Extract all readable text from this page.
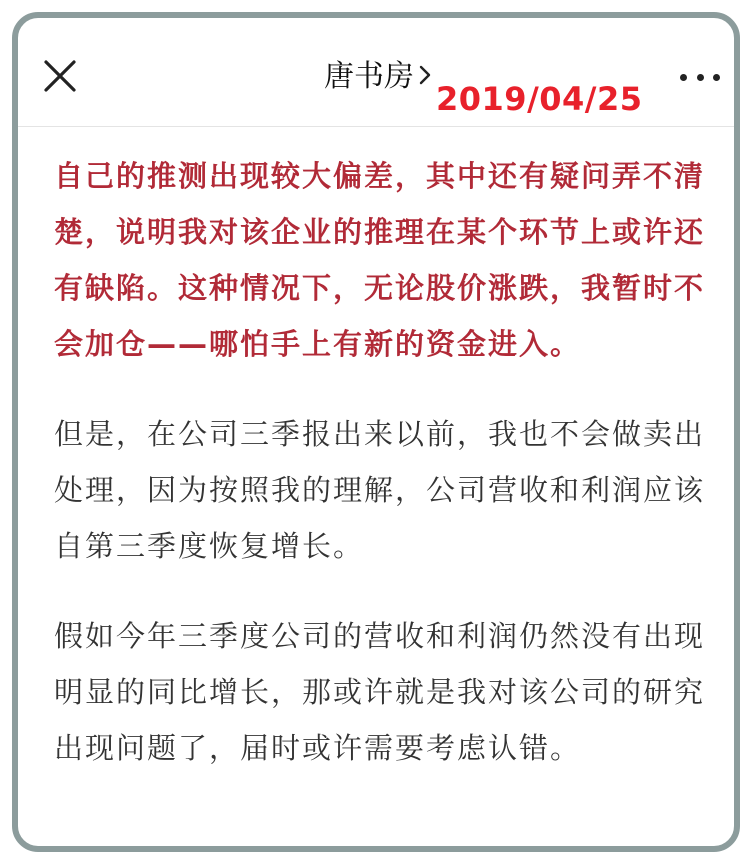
唐书房
2019/04/25

自己的推测出现较大偏差，其中还有疑问弄不清楚，说明我对该企业的推理在某个环节上或许还有缺陷。这种情况下，无论股价涨跌，我暂时不会加仓——哪怕手上有新的资金进入。

但是，在公司三季报出来以前，我也不会做卖出处理，因为按照我的理解，公司营收和利润应该自第三季度恢复增长。

假如今年三季度公司的营收和利润仍然没有出现明显的同比增长，那或许就是我对该公司的研究出现问题了，届时或许需要考虑认错。
